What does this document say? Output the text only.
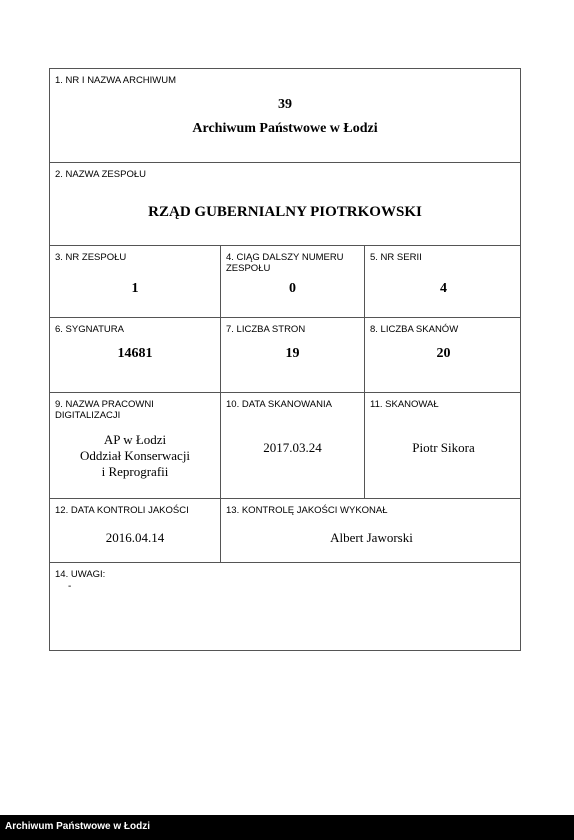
1. NR I NAZWA ARCHIWUM
39
Archiwum Państwowe w Łodzi
2. NAZWA ZESPOŁU
RZĄD GUBERNIALNY PIOTRKOWSKI
3. NR ZESPOŁU
1
4. CIĄG DALSZY NUMERU ZESPOŁU
0
5. NR SERII
4
6. SYGNATURA
14681
7. LICZBA STRON
19
8. LICZBA SKANÓW
20
9. NAZWA PRACOWNI DIGITALIZACJI
AP w Łodzi
Oddział Konserwacji
i Reprografii
10. DATA SKANOWANIA
2017.03.24
11. SKANOWAŁ
Piotr Sikora
12. DATA KONTROLI JAKOŚCI
2016.04.14
13. KONTROLĘ JAKOŚCI WYKONAŁ
Albert Jaworski
14. UWAGI:
-
Archiwum Państwowe w Łodzi
